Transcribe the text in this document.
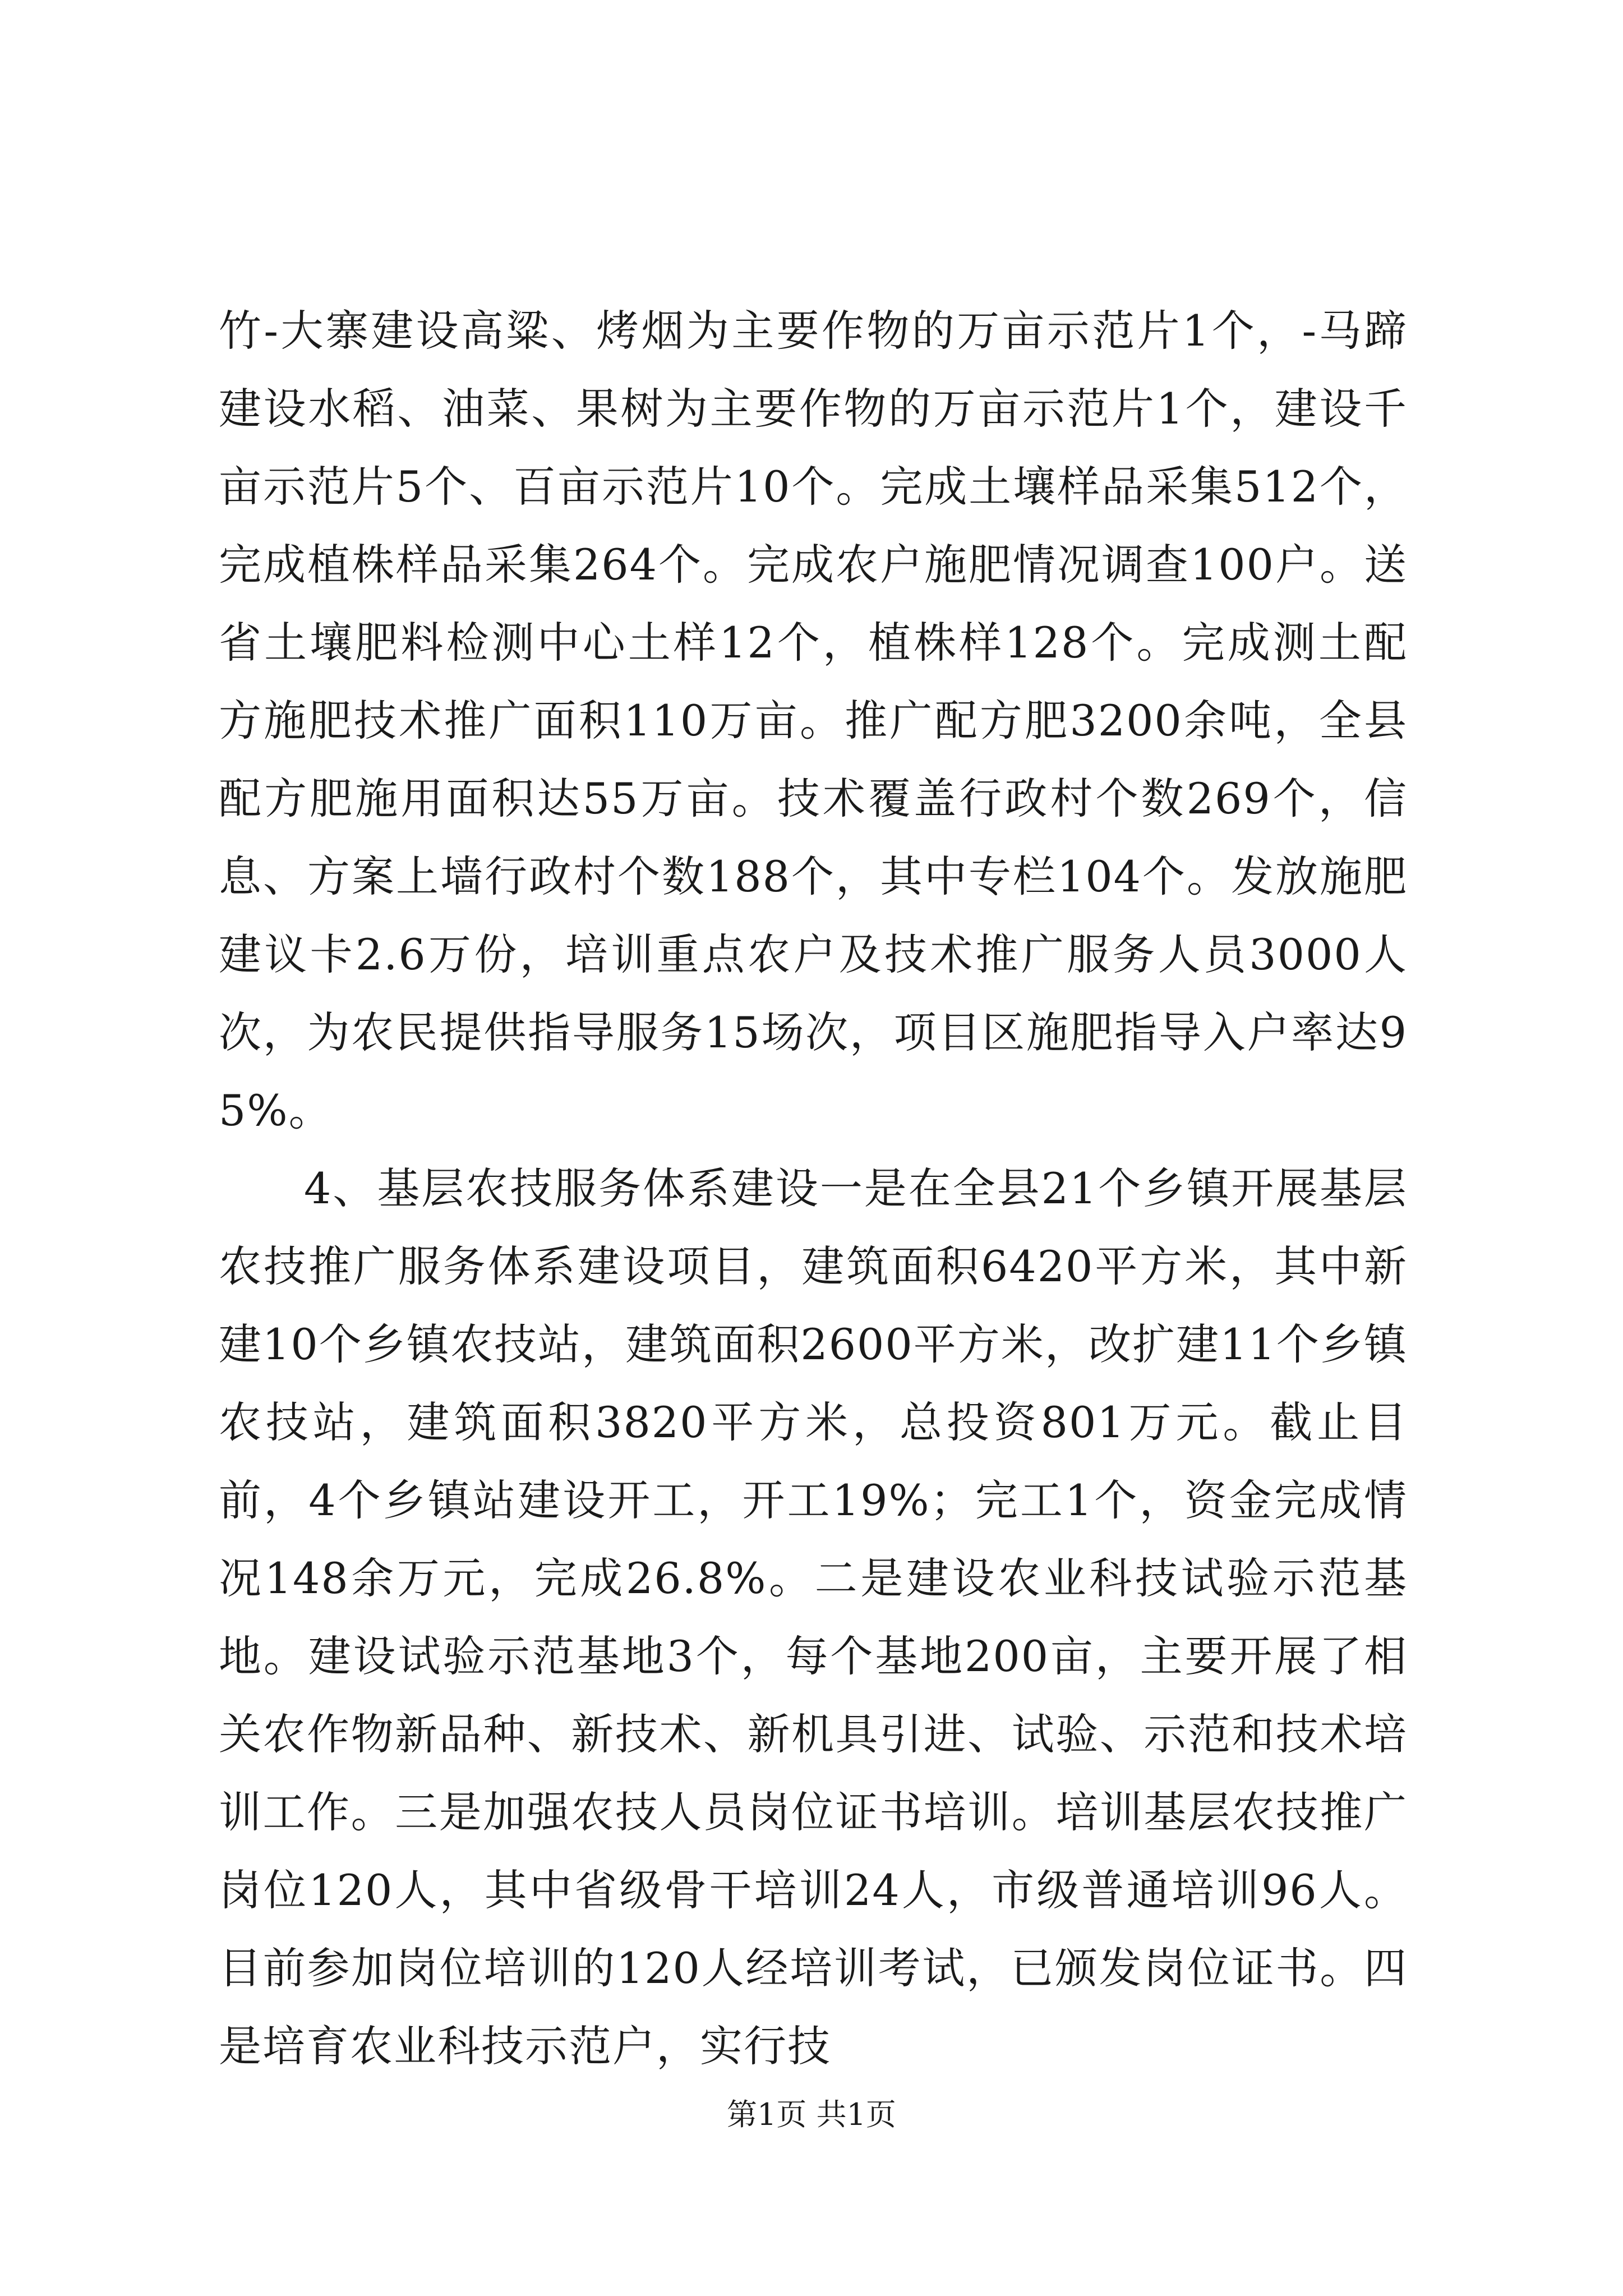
竹-大寨建设高粱、烤烟为主要作物的万亩示范片1个，-马蹄建设水稻、油菜、果树为主要作物的万亩示范片1个，建设千亩示范片5个、百亩示范片10个。完成土壤样品采集512个，完成植株样品采集264个。完成农户施肥情况调查100户。送省土壤肥料检测中心土样12个，植株样128个。完成测土配方施肥技术推广面积110万亩。推广配方肥3200余吨，全县配方肥施用面积达55万亩。技术覆盖行政村个数269个，信息、方案上墙行政村个数188个，其中专栏104个。发放施肥建议卡2.6万份，培训重点农户及技术推广服务人员3000人次，为农民提供指导服务15场次，项目区施肥指导入户率达95%。

4、基层农技服务体系建设一是在全县21个乡镇开展基层农技推广服务体系建设项目，建筑面积6420平方米，其中新建10个乡镇农技站，建筑面积2600平方米，改扩建11个乡镇农技站，建筑面积3820平方米，总投资801万元。截止目前，4个乡镇站建设开工，开工19%；完工1个，资金完成情况148余万元，完成26.8%。二是建设农业科技试验示范基地。建设试验示范基地3个，每个基地200亩，主要开展了相关农作物新品种、新技术、新机具引进、试验、示范和技术培训工作。三是加强农技人员岗位证书培训。培训基层农技推广岗位120人，其中省级骨干培训24人，市级普通培训96人。目前参加岗位培训的120人经培训考试，已颁发岗位证书。四是培育农业科技示范户，实行技

第1页 共1页
